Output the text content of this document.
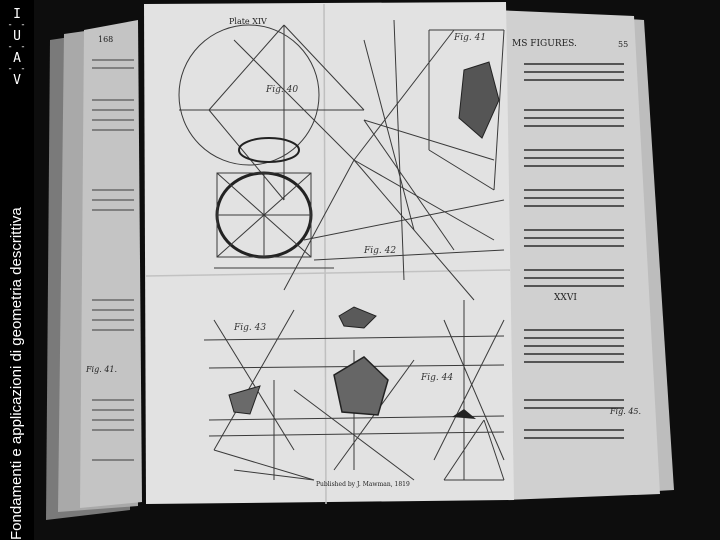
I
- -
U
- -
A
- -
V
Fondamenti e applicazioni di geometria descrittiva
Fig. 40
Fig. 41
Fig. 42
Fig. 43
Fig. 44
Plate XIV
MS FIGURES.	55
168
Fig. 41.
Fig. 45.
XXVI
Published by J. Mawman, 1819
